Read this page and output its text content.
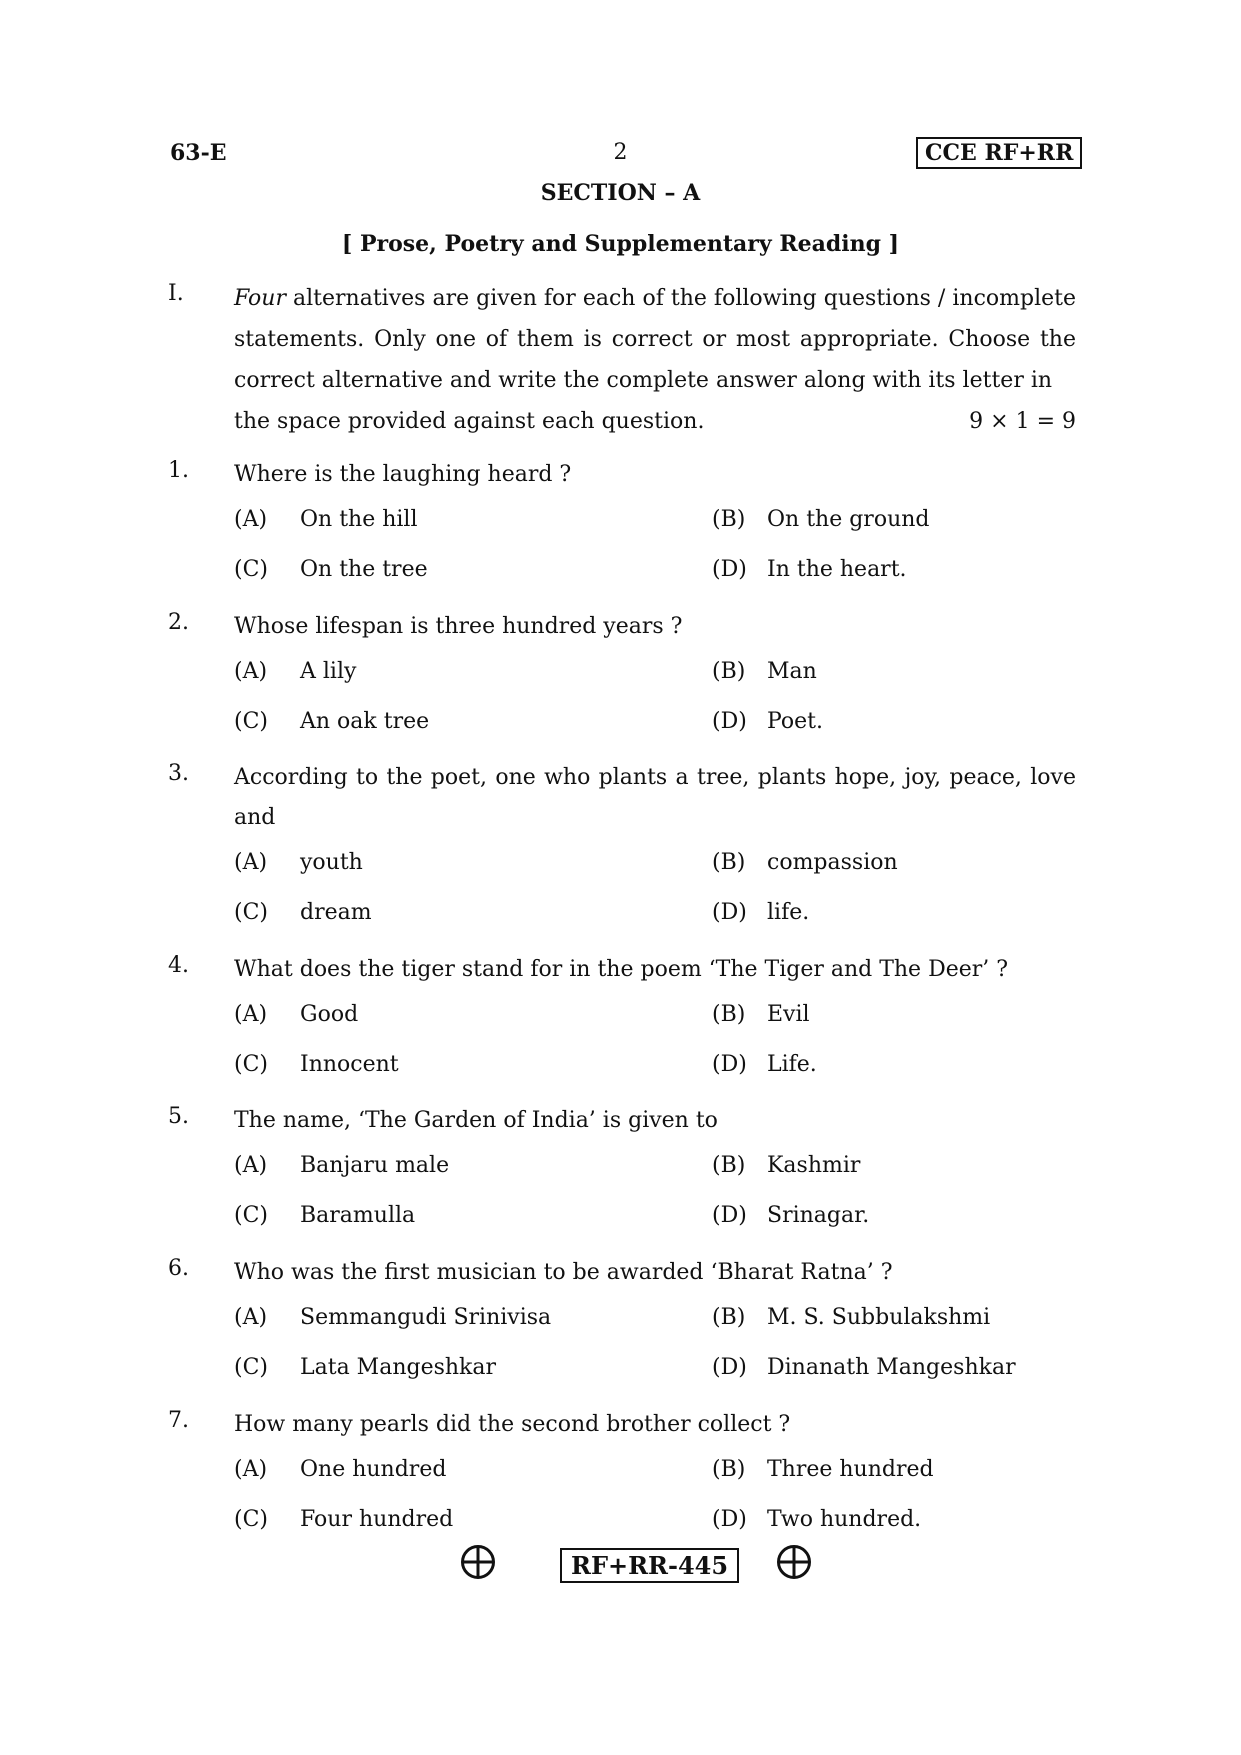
63-E	2	CCE RF+RR
SECTION – A
[ Prose, Poetry and Supplementary Reading ]
I. Four alternatives are given for each of the following questions / incomplete statements. Only one of them is correct or most appropriate. Choose the correct alternative and write the complete answer along with its letter in
the space provided against each question.	9 × 1 = 9
1. Where is the laughing heard ?
(A) On the hill	(B) On the ground
(C) On the tree	(D) In the heart.
2. Whose lifespan is three hundred years ?
(A) A lily	(B) Man
(C) An oak tree	(D) Poet.
3. According to the poet, one who plants a tree, plants hope, joy, peace, love and
(A) youth	(B) compassion
(C) dream	(D) life.
4. What does the tiger stand for in the poem ‘The Tiger and The Deer’ ?
(A) Good	(B) Evil
(C) Innocent	(D) Life.
5. The name, ‘The Garden of India’ is given to
(A) Banjaru male	(B) Kashmir
(C) Baramulla	(D) Srinagar.
6. Who was the first musician to be awarded ‘Bharat Ratna’ ?
(A) Semmangudi Srinivisa	(B) M. S. Subbulakshmi
(C) Lata Mangeshkar	(D) Dinanath Mangeshkar
7. How many pearls did the second brother collect ?
(A) One hundred	(B) Three hundred
(C) Four hundred	(D) Two hundred.
RF+RR-445
